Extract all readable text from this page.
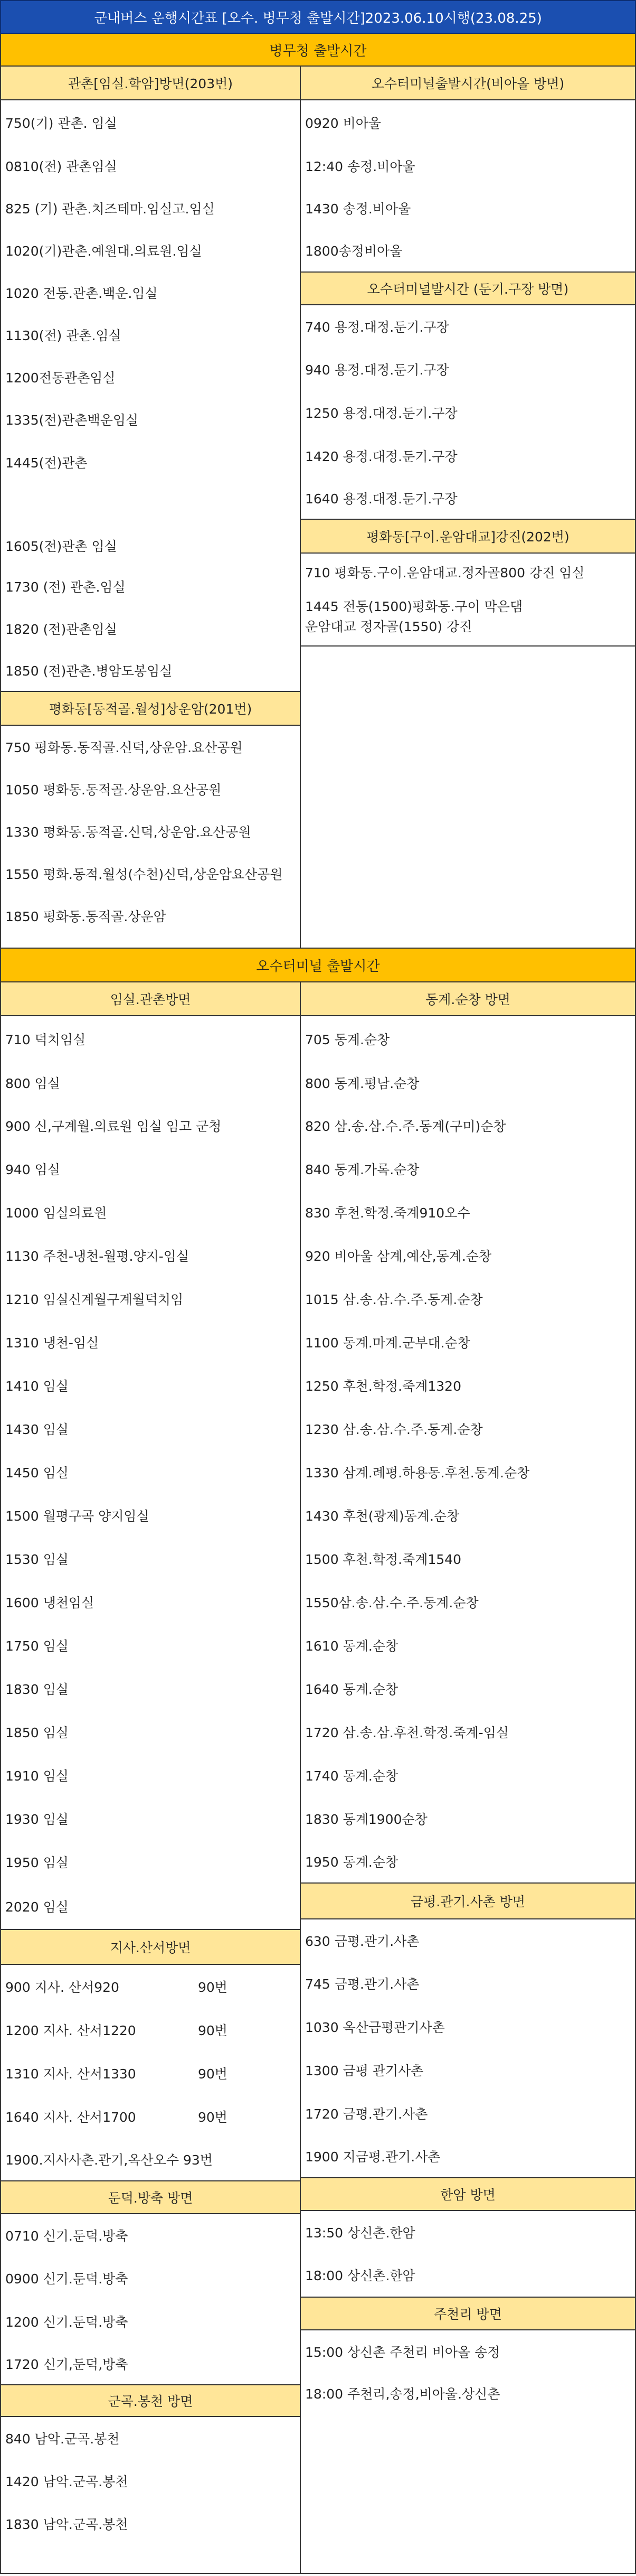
군내버스 운행시간표 [오수. 병무청 출발시간]2023.06.10시행(23.08.25)
병무청 출발시간
관촌[임실.학암]방면(203번)
750(기) 관촌. 임실
0810(전) 관촌임실
825 (기) 관촌.치즈테마.임실고.임실
1020(기)관촌.예원대.의료원.임실
1020 전동.관촌.백운.임실
1130(전) 관촌.임실
1200전동관촌임실
1335(전)관촌백운임실
1445(전)관촌
1605(전)관촌 임실
1730 (전) 관촌.임실
1820 (전)관촌임실
1850 (전)관촌.병암도봉임실
평화동[동적골.월성]상운암(201번)
750 평화동.동적골.신덕,상운암.요산공원
1050 평화동.동적골.상운암.요산공원
1330 평화동.동적골.신덕,상운암.요산공원
1550 평화.동적.월성(수천)신덕,상운암요산공원
1850 평화동.동적골.상운암
오수터미널출발시간(비아올 방면)
0920 비아울
12:40 송정.비아울
1430 송정.비아울
1800송정비아울
오수터미널발시간 (둔기.구장 방면)
740 용정.대정.둔기.구장
940 용정.대정.둔기.구장
1250 용정.대정.둔기.구장
1420 용정.대정.둔기.구장
1640 용정.대정.둔기.구장
평화동[구이.운암대교]강진(202번)
710 평화동.구이.운암대교.정자골800 강진 임실
1445 전동(1500)평화동.구이 막은댐
운암대교 정자골(1550) 강진
오수터미널 출발시간
임실.관촌방면
710 덕치임실
800 임실
900 신,구계월.의료원 임실 임고 군청
940 임실
1000 임실의료원
1130 주천-냉천-월평.양지-임실
1210 임실신계월구계월덕치임
1310 냉천-임실
1410 임실
1430 임실
1450 임실
1500 월평구곡 양지임실
1530 임실
1600 냉천임실
1750 임실
1830 임실
1850 임실
1910 임실
1930 임실
1950 임실
2020 임실
지사.산서방면
900 지사. 산서920	90번
1200 지사. 산서1220	90번
1310 지사. 산서1330	90번
1640 지사. 산서1700	90번
1900.지사사촌.관기,옥산오수 93번
둔덕.방축 방면
0710 신기.둔덕.방축
0900 신기.둔덕.방축
1200 신기.둔덕.방축
1720 신기,둔덕,방축
군곡.봉천 방면
840 남악.군곡.봉천
1420 남악.군곡.봉천
1830 남악.군곡.봉천
동계.순창 방면
705 동계.순창
800 동계.평남.순창
820 삼.송.삼.수.주.동계(구미)순창
840 동계.가록.순창
830 후천.학정.죽계910오수
920 비아울 삼계,예산,동계.순창
1015 삼.송.삼.수.주.동계.순창
1100 동계.마계.군부대.순창
1250 후천.학정.죽계1320
1230 삼.송.삼.수.주.동계.순창
1330 삼계.례평.하용동.후천.동계.순창
1430 후천(광제)동계.순창
1500 후천.학정.죽계1540
1550삼.송.삼.수.주.동계.순창
1610 동계.순창
1640 동계.순창
1720 삼.송.삼.후천.학정.죽계-임실
1740 동계.순창
1830 동계1900순창
1950 동계.순창
금평.관기.사촌 방면
630 금평.관기.사촌
745 금평.관기.사촌
1030 옥산금평관기사촌
1300 금평 관기사촌
1720 금평.관기.사촌
1900 지금평.관기.사촌
한암 방면
13:50 상신촌.한암
18:00 상신촌.한암
주천리 방면
15:00 상신촌 주천리 비아올 송정
18:00 주천리,송정,비아울.상신촌
